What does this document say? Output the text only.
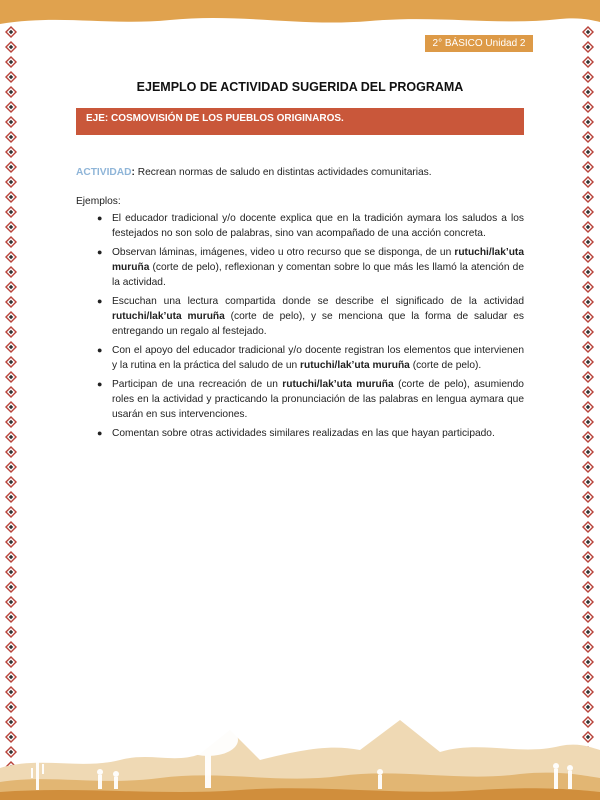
2° BÁSICO Unidad 2
EJEMPLO DE ACTIVIDAD SUGERIDA DEL PROGRAMA
EJE: COSMOVISIÓN DE LOS PUEBLOS ORIGINAROS.
ACTIVIDAD: Recrean normas de saludo en distintas actividades comunitarias.
Ejemplos:
● El educador tradicional y/o docente explica que en la tradición aymara los saludos a los festejados no son solo de palabras, sino van acompañado de una acción concreta.
● Observan láminas, imágenes, video u otro recurso que se disponga, de un rutuchi/lak’uta muruña (corte de pelo), reflexionan y comentan sobre lo que más les llamó la atención de la actividad.
● Escuchan una lectura compartida donde se describe el significado de la actividad rutuchi/lak’uta muruña (corte de pelo), y se menciona que la forma de saludar es entregando un regalo al festejado.
● Con el apoyo del educador tradicional y/o docente registran los elementos que intervienen y la rutina en la práctica del saludo de un rutuchi/lak’uta muruña (corte de pelo).
● Participan de una recreación de un rutuchi/lak’uta muruña (corte de pelo), asumiendo roles en la actividad y practicando la pronunciación de las palabras en lengua aymara que usarán en sus intervenciones.
● Comentan sobre otras actividades similares realizadas en las que hayan participado.
